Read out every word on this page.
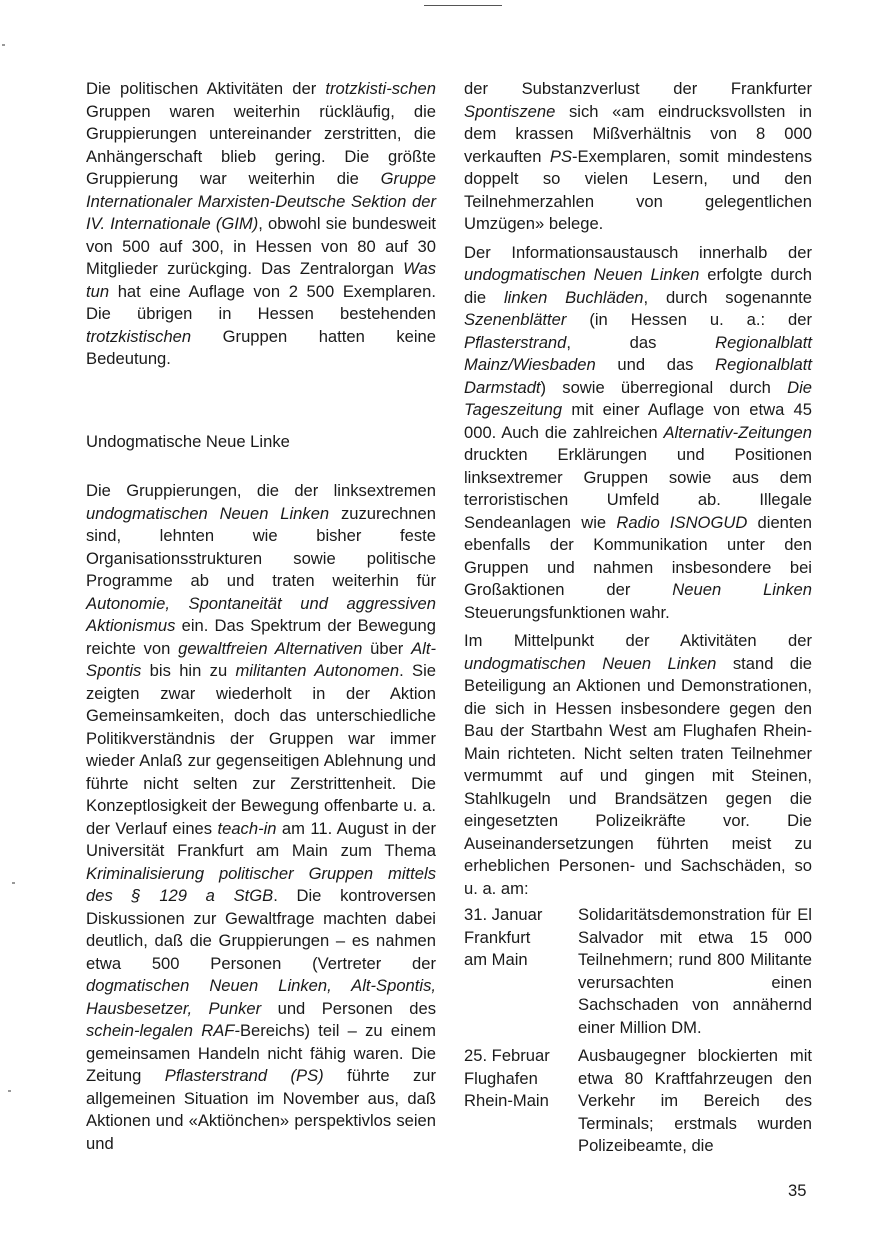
Die politischen Aktivitäten der trotzkisti-schen Gruppen waren weiterhin rückläufig, die Gruppierungen untereinander zerstritten, die Anhängerschaft blieb gering. Die größte Gruppierung war weiterhin die Gruppe Internationaler Marxisten-Deutsche Sektion der IV. Internationale (GIM), obwohl sie bundesweit von 500 auf 300, in Hessen von 80 auf 30 Mitglieder zurückging. Das Zentralorgan Was tun hat eine Auflage von 2 500 Exemplaren. Die übrigen in Hessen bestehenden trotzkistischen Gruppen hatten keine Bedeutung.

Undogmatische Neue Linke

Die Gruppierungen, die der linksextremen undogmatischen Neuen Linken zuzurechnen sind, lehnten wie bisher feste Organisationsstrukturen sowie politische Programme ab und traten weiterhin für Autonomie, Spontaneität und aggressiven Aktionismus ein. Das Spektrum der Bewegung reichte von gewaltfreien Alternativen über Alt-Spontis bis hin zu militanten Autonomen. Sie zeigten zwar wiederholt in der Aktion Gemeinsamkeiten, doch das unterschiedliche Politikverständnis der Gruppen war immer wieder Anlaß zur gegenseitigen Ablehnung und führte nicht selten zur Zerstrittenheit. Die Konzeptlosigkeit der Bewegung offenbarte u. a. der Verlauf eines teach-in am 11. August in der Universität Frankfurt am Main zum Thema Kriminalisierung politischer Gruppen mittels des § 129 a StGB. Die kontroversen Diskussionen zur Gewaltfrage machten dabei deutlich, daß die Gruppierungen – es nahmen etwa 500 Personen (Vertreter der dogmatischen Neuen Linken, Alt-Spontis, Hausbesetzer, Punker und Personen des schein-legalen RAF-Bereichs) teil – zu einem gemeinsamen Handeln nicht fähig waren. Die Zeitung Pflasterstrand (PS) führte zur allgemeinen Situation im November aus, daß Aktionen und «Aktiönchen» perspektivlos seien und

der Substanzverlust der Frankfurter Spontiszene sich «am eindrucksvollsten in dem krassen Mißverhältnis von 8 000 verkauften PS-Exemplaren, somit mindestens doppelt so vielen Lesern, und den Teilnehmerzahlen von gelegentlichen Umzügen» belege.

Der Informationsaustausch innerhalb der undogmatischen Neuen Linken erfolgte durch die linken Buchläden, durch sogenannte Szenenblätter (in Hessen u. a.: der Pflasterstrand, das Regionalblatt Mainz/Wiesbaden und das Regionalblatt Darmstadt) sowie überregional durch Die Tageszeitung mit einer Auflage von etwa 45 000. Auch die zahlreichen Alternativ-Zeitungen druckten Erklärungen und Positionen linksextremer Gruppen sowie aus dem terroristischen Umfeld ab. Illegale Sendeanlagen wie Radio ISNOGUD dienten ebenfalls der Kommunikation unter den Gruppen und nahmen insbesondere bei Großaktionen der Neuen Linken Steuerungsfunktionen wahr.

Im Mittelpunkt der Aktivitäten der undogmatischen Neuen Linken stand die Beteiligung an Aktionen und Demonstrationen, die sich in Hessen insbesondere gegen den Bau der Startbahn West am Flughafen Rhein-Main richteten. Nicht selten traten Teilnehmer vermummt auf und gingen mit Steinen, Stahlkugeln und Brandsätzen gegen die eingesetzten Polizeikräfte vor. Die Auseinandersetzungen führten meist zu erheblichen Personen- und Sachschäden, so u. a. am:

31. Januar
Frankfurt
am Main
Solidaritätsdemonstration für El Salvador mit etwa 15 000 Teilnehmern; rund 800 Militante verursachten einen Sachschaden von annähernd einer Million DM.
25. Februar
Flughafen
Rhein-Main
Ausbaugegner blockierten mit etwa 80 Kraftfahrzeugen den Verkehr im Bereich des Terminals; erstmals wurden Polizeibeamte, die
35
